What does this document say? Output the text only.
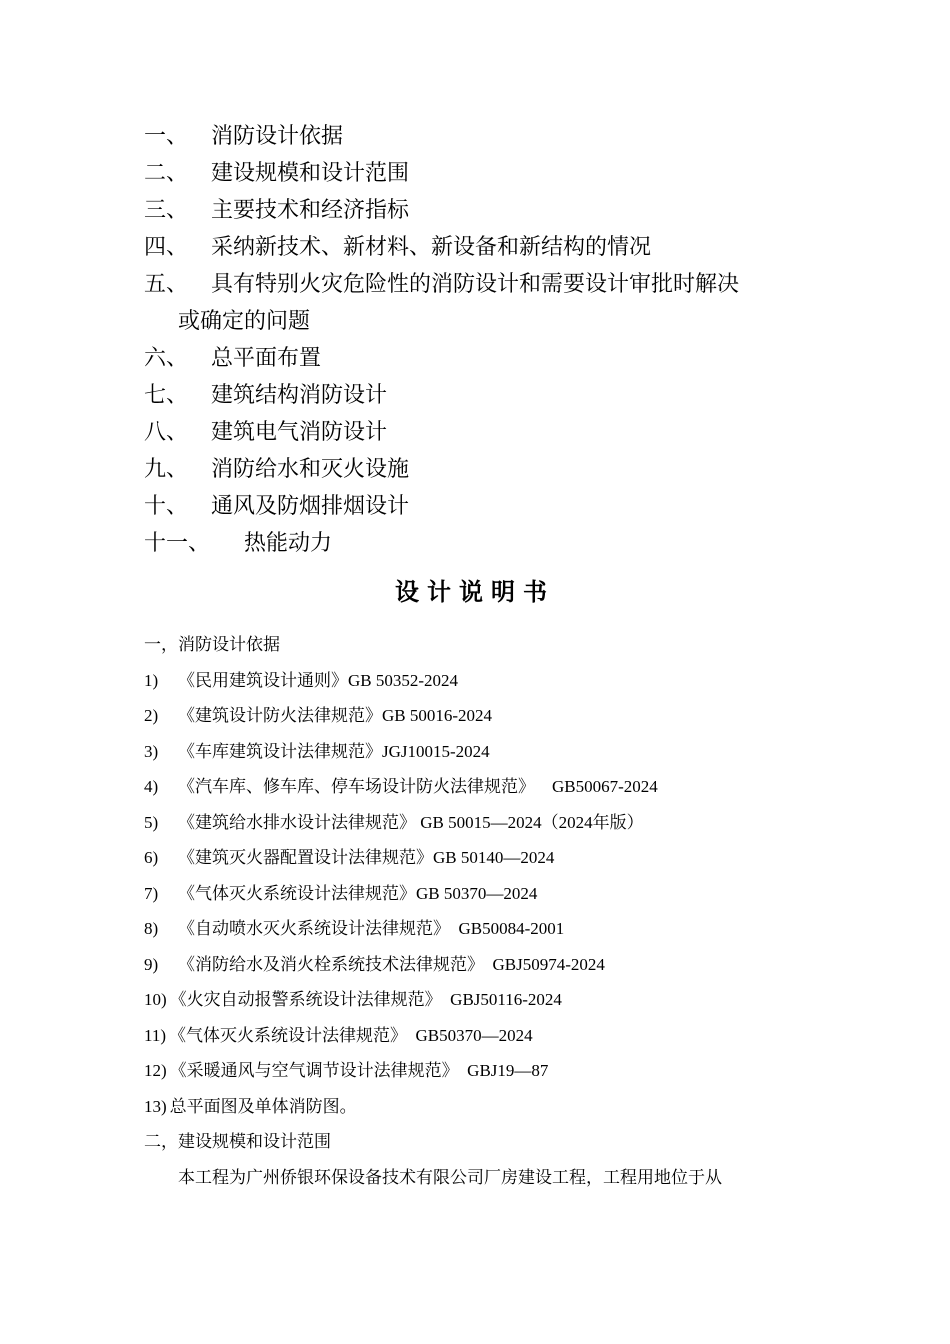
一、 消防设计依据
二、 建设规模和设计范围
三、 主要技术和经济指标
四、 采纳新技术、新材料、新设备和新结构的情况
五、 具有特别火灾危险性的消防设计和需要设计审批时解决
或确定的问题
六、 总平面布置
七、 建筑结构消防设计
八、 建筑电气消防设计
九、 消防给水和灭火设施
十、 通风及防烟排烟设计
十一、 热能动力
设计说明书
一，消防设计依据
1) 《民用建筑设计通则》GB 50352-2024
2) 《建筑设计防火法律规范》GB 50016-2024
3) 《车库建筑设计法律规范》JGJ10015-2024
4) 《汽车库、修车库、停车场设计防火法律规范》    GB50067-2024
5) 《建筑给水排水设计法律规范》 GB 50015—2024（2024年版）
6) 《建筑灭火器配置设计法律规范》GB 50140—2024
7) 《气体灭火系统设计法律规范》GB 50370—2024
8) 《自动喷水灭火系统设计法律规范》  GB50084-2001
9) 《消防给水及消火栓系统技术法律规范》  GBJ50974-2024
10) 《火灾自动报警系统设计法律规范》  GBJ50116-2024
11) 《气体灭火系统设计法律规范》  GB50370—2024
12) 《采暖通风与空气调节设计法律规范》  GBJ19—87
13) 总平面图及单体消防图。
二，建设规模和设计范围
本工程为广州侨银环保设备技术有限公司厂房建设工程，工程用地位于从
